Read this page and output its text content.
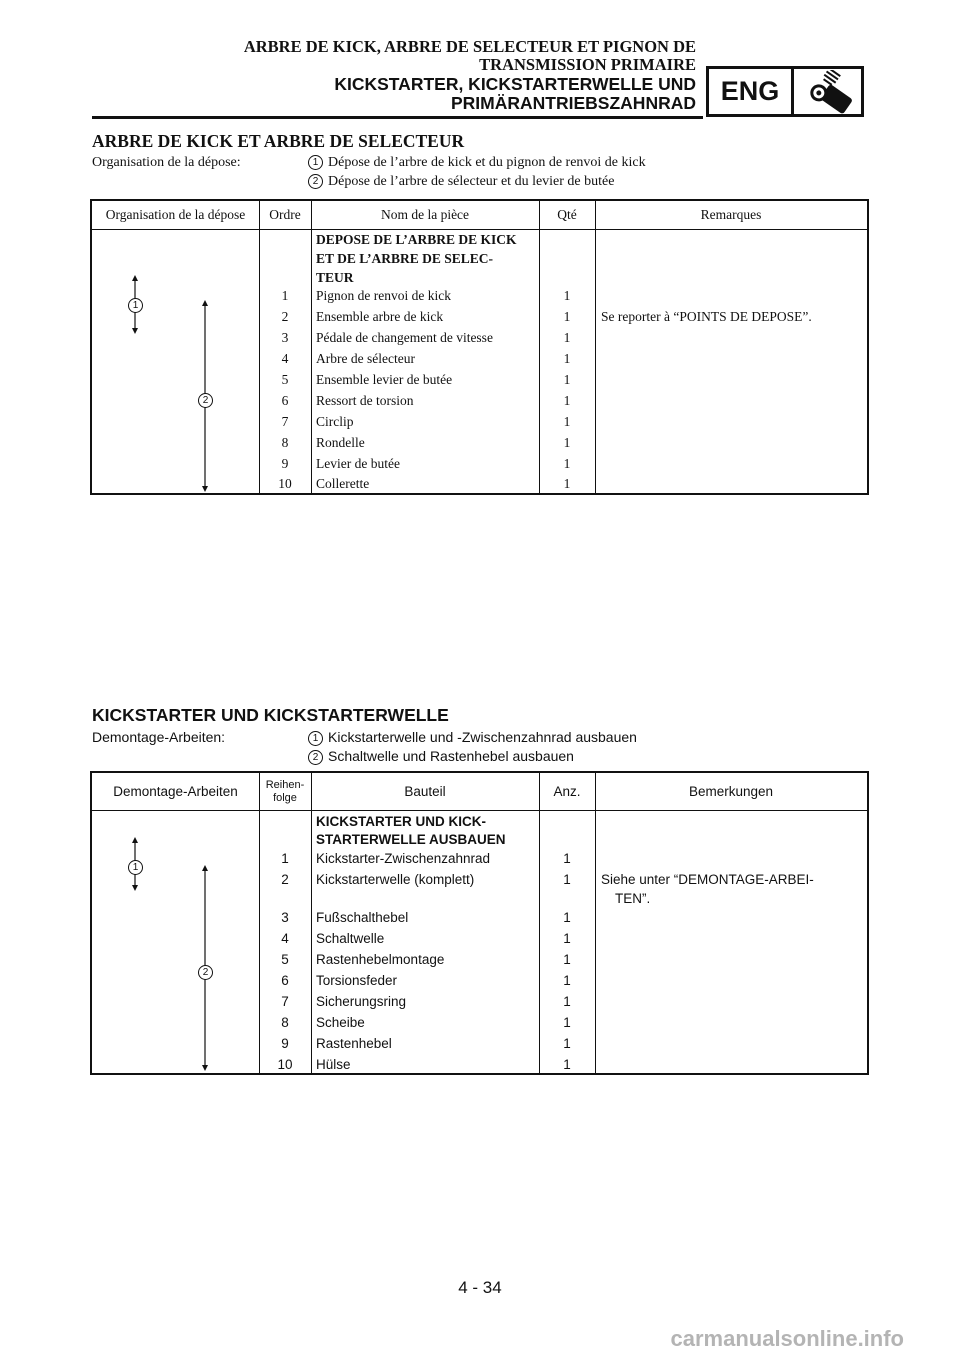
ARBRE DE KICK, ARBRE DE SELECTEUR ET PIGNON DE
TRANSMISSION PRIMAIRE
KICKSTARTER, KICKSTARTERWELLE UND
PRIMÄRANTRIEBSZAHNRAD ENG
ARBRE DE KICK ET ARBRE DE SELECTEUR
Organisation de la dépose:	1 Dépose de l’arbre de kick et du pignon de renvoi de kick
2 Dépose de l’arbre de sélecteur et du levier de butée
Organisation de la dépose	Ordre	Nom de la pièce	Qté	Remarques
DEPOSE DE L’ARBRE DE KICK
ET DE L’ARBRE DE SELEC-
TEUR
1	Pignon de renvoi de kick	1
2	Ensemble arbre de kick	1	Se reporter à “POINTS DE DEPOSE”.
3	Pédale de changement de vitesse	1
4	Arbre de sélecteur	1
5	Ensemble levier de butée	1
6	Ressort de torsion	1
7	Circlip	1
8	Rondelle	1
9	Levier de butée	1
10	Collerette	1
1
2
KICKSTARTER UND KICKSTARTERWELLE
Demontage-Arbeiten:	1 Kickstarterwelle und -Zwischenzahnrad ausbauen
2 Schaltwelle und Rastenhebel ausbauen
Demontage-Arbeiten	Reihen-
folge	Bauteil	Anz.	Bemerkungen
KICKSTARTER UND KICK-
STARTERWELLE AUSBAUEN
1	Kickstarter-Zwischenzahnrad	1
2	Kickstarterwelle (komplett)	1	Siehe unter “DEMONTAGE-ARBEI-
TEN”.
3	Fußschalthebel	1
4	Schaltwelle	1
5	Rastenhebelmontage	1
6	Torsionsfeder	1
7	Sicherungsring	1
8	Scheibe	1
9	Rastenhebel	1
10	Hülse	1
1
2
4 - 34
carmanualsonline.info
